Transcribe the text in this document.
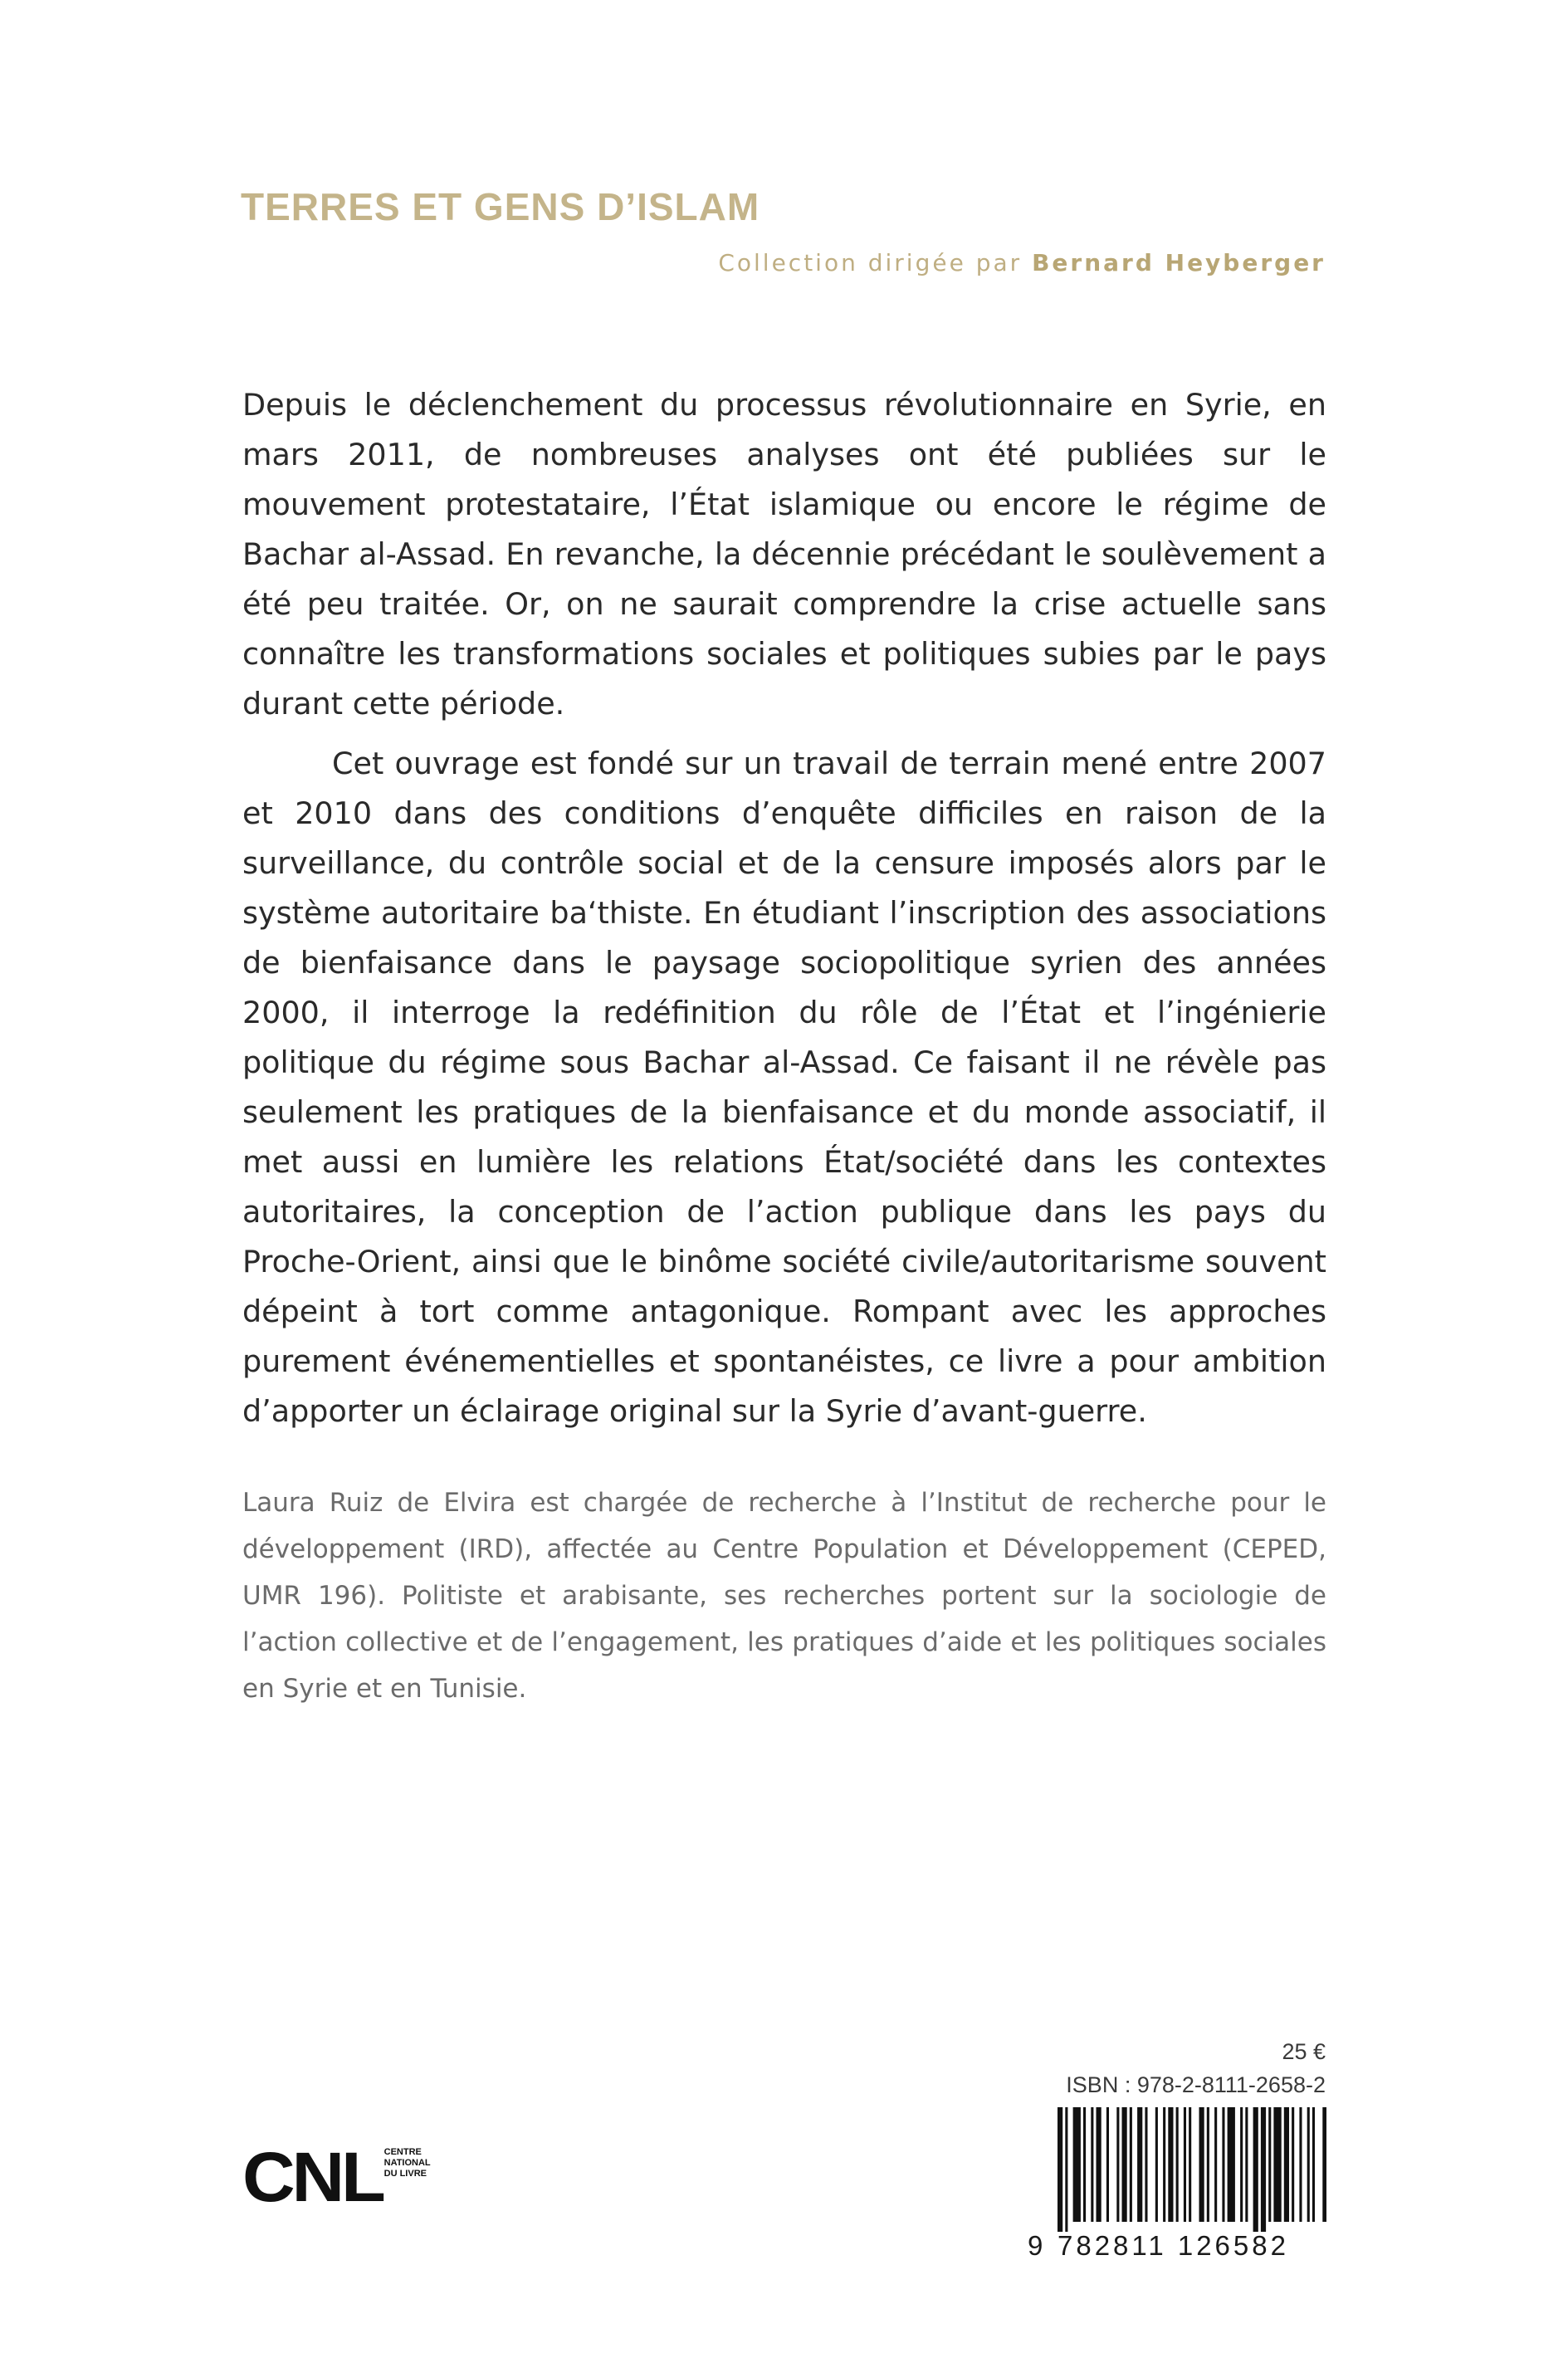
TERRES ET GENS D’ISLAM
Collection dirigée par Bernard Heyberger

Depuis le déclenchement du processus révolutionnaire en Syrie, en mars 2011, de nombreuses analyses ont été publiées sur le mouvement protestataire, l’État islamique ou encore le régime de Bachar al-Assad. En revanche, la décennie précédant le soulèvement a été peu traitée. Or, on ne saurait comprendre la crise actuelle sans connaître les transformations sociales et politiques subies par le pays durant cette période.

Cet ouvrage est fondé sur un travail de terrain mené entre 2007 et 2010 dans des conditions d’enquête difficiles en raison de la surveillance, du contrôle social et de la censure imposés alors par le système autoritaire ba‘thiste. En étudiant l’inscription des associations de bienfaisance dans le paysage sociopolitique syrien des années 2000, il interroge la redéfinition du rôle de l’État et l’ingénierie politique du régime sous Bachar al-Assad. Ce faisant il ne révèle pas seulement les pratiques de la bienfaisance et du monde associatif, il met aussi en lumière les relations État/société dans les contextes autoritaires, la conception de l’action publique dans les pays du Proche-Orient, ainsi que le binôme société civile/autoritarisme souvent dépeint à tort comme antagonique. Rompant avec les approches purement événementielles et spontanéistes, ce livre a pour ambition d’apporter un éclairage original sur la Syrie d’avant-guerre.

Laura Ruiz de Elvira est chargée de recherche à l’Institut de recherche pour le développement (IRD), affectée au Centre Population et Développement (CEPED, UMR 196). Politiste et arabisante, ses recherches portent sur la sociologie de l’action collective et de l’engagement, les pratiques d’aide et les politiques sociales en Syrie et en Tunisie.

CNL CENTRE
NATIONAL
DU LIVRE
25 €
ISBN : 978-2-8111-2658-2
9 782811 126582
